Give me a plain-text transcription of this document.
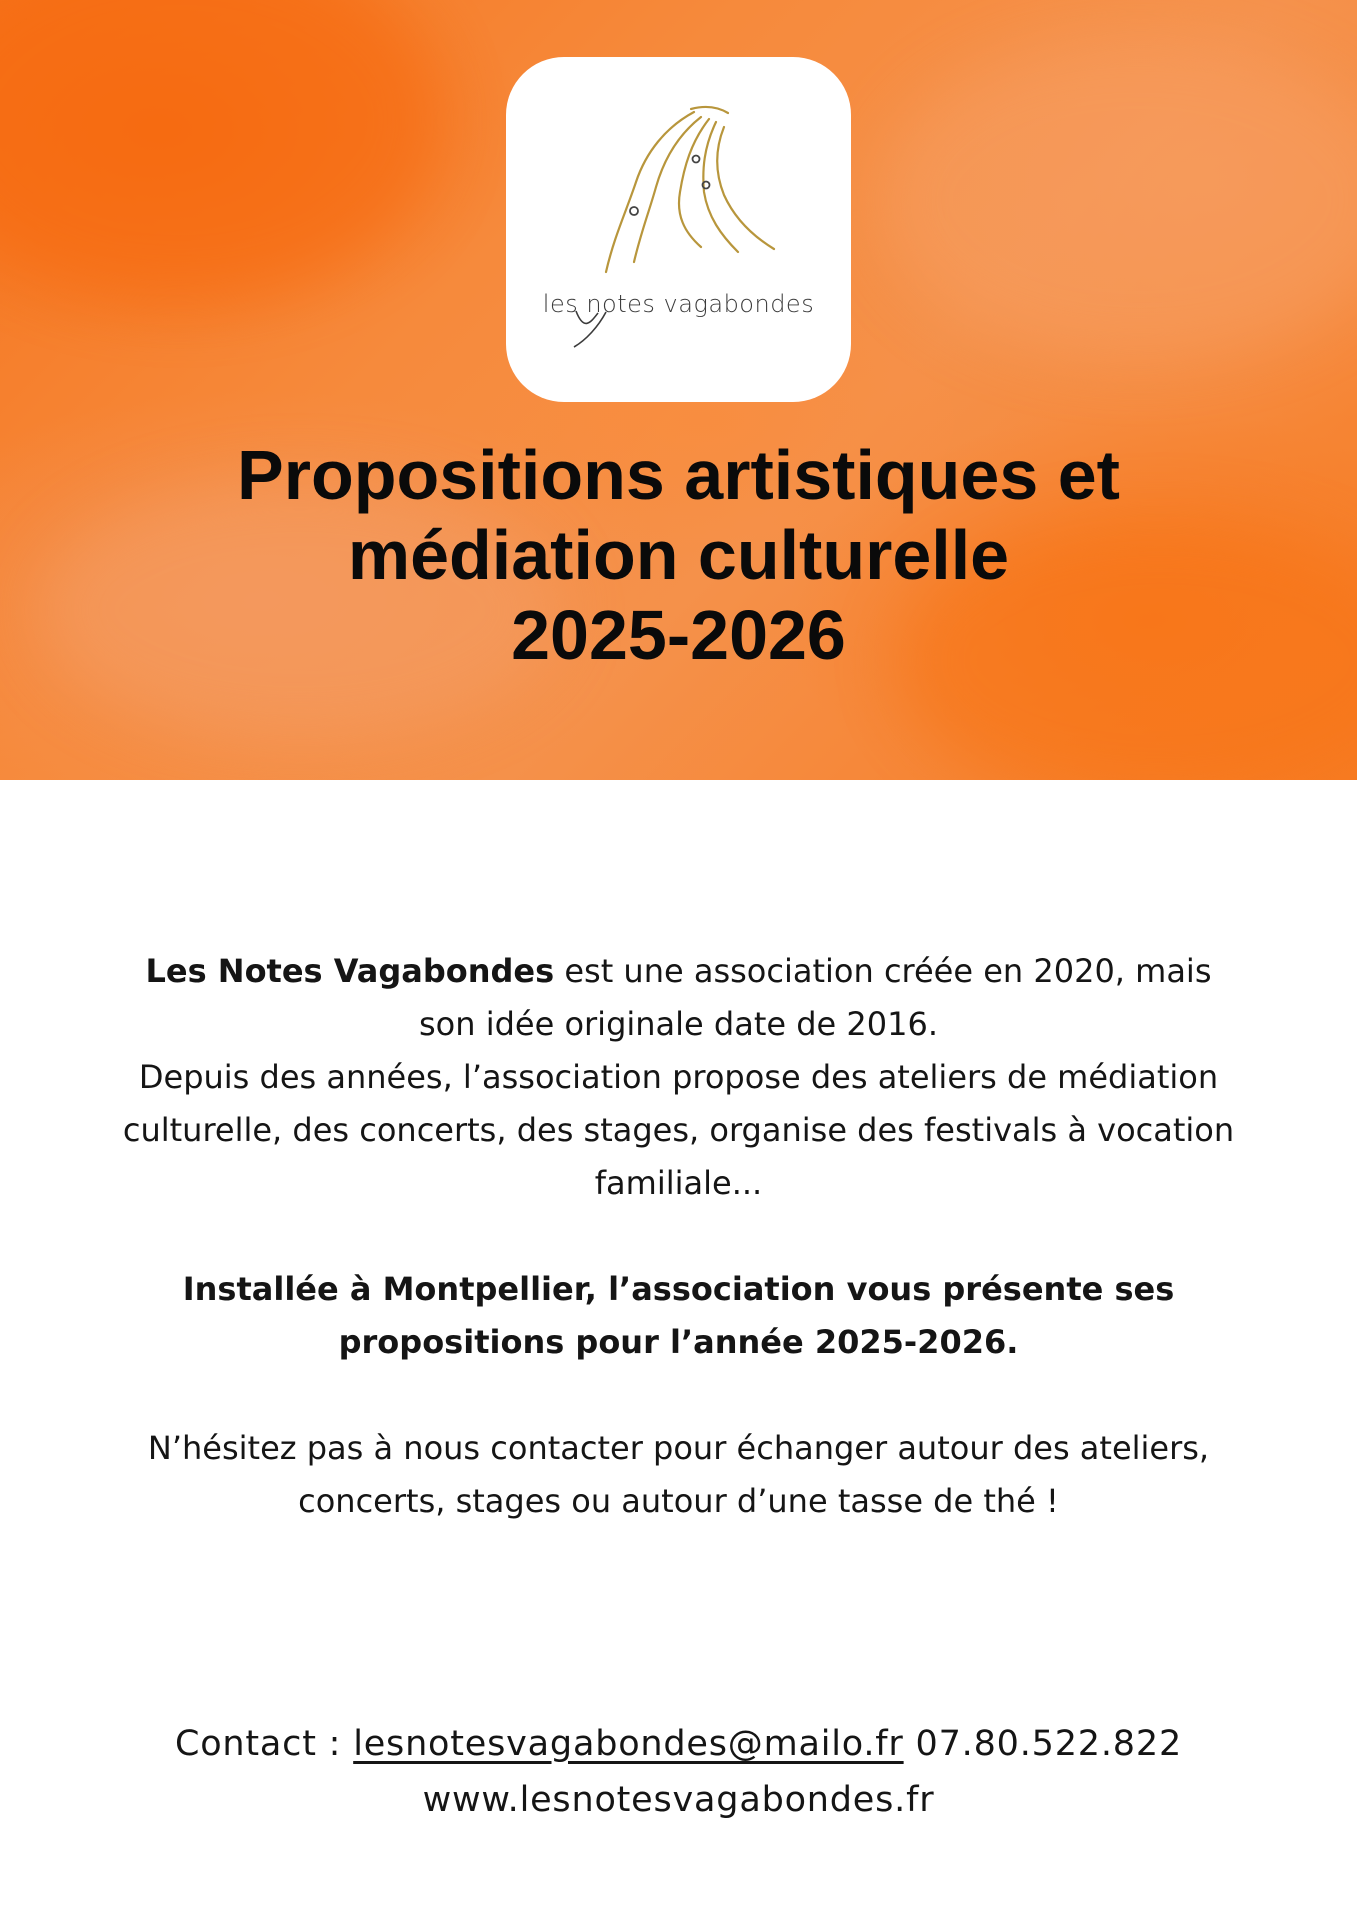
les notes vagabondes
Propositions artistiques et
médiation culturelle
2025-2026

Les Notes Vagabondes est une association créée en 2020, mais son idée originale date de 2016.

Depuis des années, l’association propose des ateliers de médiation culturelle, des concerts, des stages, organise des festivals à vocation familiale...

Installée à Montpellier, l’association vous présente ses propositions pour l’année 2025-2026.

N’hésitez pas à nous contacter pour échanger autour des ateliers, concerts, stages ou autour d’une tasse de thé !

Contact : lesnotesvagabondes@mailo.fr 07.80.522.822
www.lesnotesvagabondes.fr
